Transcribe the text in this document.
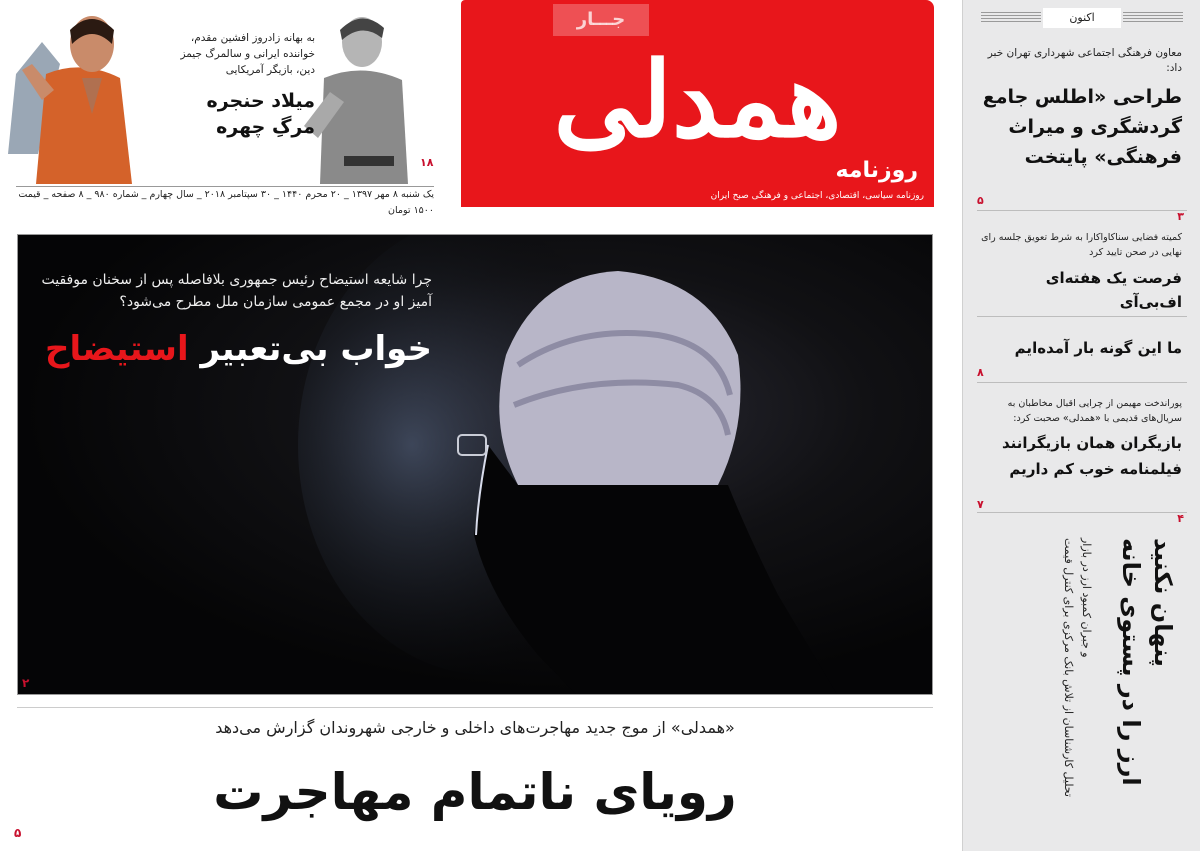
به بهانه زادروز افشین مقدم، خواننده ایرانی و سالمرگ جیمز دین، بازیگر آمریکایی
میلاد حنجره
مرگِ چهره
۱۸
یک شنبه ۸ مهر ۱۳۹۷ _ ۲۰ محرم ۱۴۴۰ _ ۳۰ سپتامبر ۲۰۱۸ _ سال چهارم _ شماره ۹۸۰ _ ۸ صفحه _ قیمت ۱۵۰۰ تومان
جـــار
همدلی
روزنامه
روزنامه سیاسی، اقتصادی، اجتماعی و فرهنگی صبح ایران
چرا شایعه استیضاح رئیس جمهوری بلافاصله پس از سخنان موفقیت آمیز او در مجمع عمومی سازمان ملل مطرح می‌شود؟
خواب بی‌تعبیر استیضاح
۲
«همدلی» از موج جدید مهاجرت‌های داخلی و خارجی شهروندان گزارش می‌دهد
رویای ناتمام مهاجرت
۵
اکنون
معاون فرهنگی اجتماعی شهرداری تهران خبر داد:
طراحی «اطلس جامع گردشگری و میراث فرهنگی» پایتخت
۵
۳
کمیته فضایی سناکاواکارا به شرط تعویق جلسه رای نهایی در صحن تایید کرد
فرصت یک هفته‌ای اف‌بی‌آی
ما این گونه بار آمده‌ایم
۸
پوراندخت مهیمن از چرایی اقبال مخاطبان به سریال‌های قدیمی با «همدلی» صحبت کرد:
بازیگران همان بازیگرانند فیلمنامه خوب کم داریم
۷
۴
پنهان نکنید
ارز را در پستوی خانه
و جبران کمبود ارز در بازار
تحلیل کارشناسان از تلاش بانک مرکزی برای کنترل قیمت
